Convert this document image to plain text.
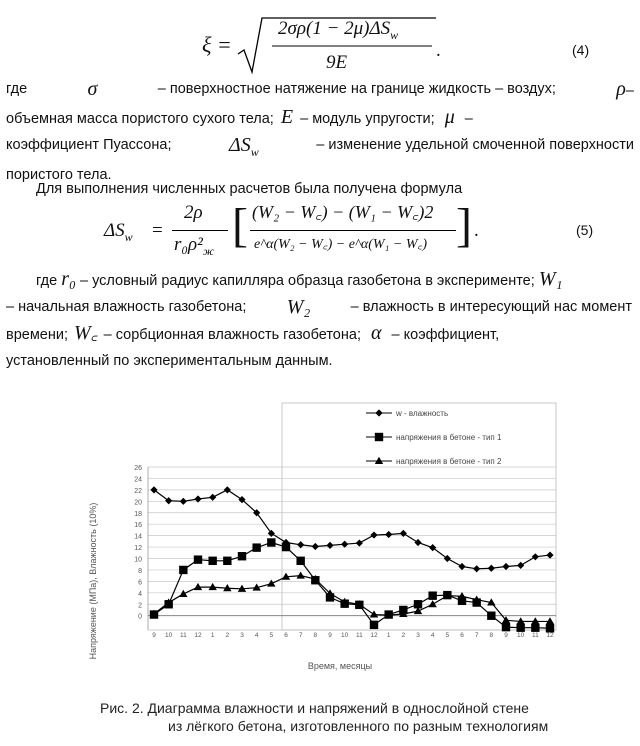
ξ =
$2\sigma\rho(1 - 2\mu)\Delta S_w$
9E
.	(4)
где	σ	– поверхностное натяжение на границе жидкость – воздух;	ρ–
объемная масса пористого сухого тела; E – модуль упругости; μ –
коэффициент Пуассона;	$\Delta S_w$	– изменение удельной смоченной поверхности
пористого тела.
Для выполнения численных расчетов была получена формула
$\Delta S_w$ =
2ρ
$r_0\rho^2_ж$ [ (W₂ − W꜀) − (W₁ − W꜀)2
e^α(W₂ − W꜀) − e^α(W₁ − W꜀) ] .	(5)
где r₀ – условный радиус капилляра образца газобетона в эксперименте; W₁
– начальная влажность газобетона; W₂	– влажность в интересующий нас момент
времени; W꜀ – сорбционная влажность газобетона; α – коэффициент,
установленный по экспериментальным данным.
0
2
4
6
8
10
12
14
16
18
20
22
24
26
9 10 11 12 1 2 3 4 5 6 7 8 9 10 11 12 1 2 3 4 5 6 7 8 9 10 11 12
w - влажность
напряжения в бетоне - тип 1
напряжения в бетоне - тип 2
Напряжение (МПа), Влажность (10%)
Время, месяцы
Рис. 2. Диаграмма влажности и напряжений в однослойной стене
из лёгкого бетона, изготовленного по разным технологиям
